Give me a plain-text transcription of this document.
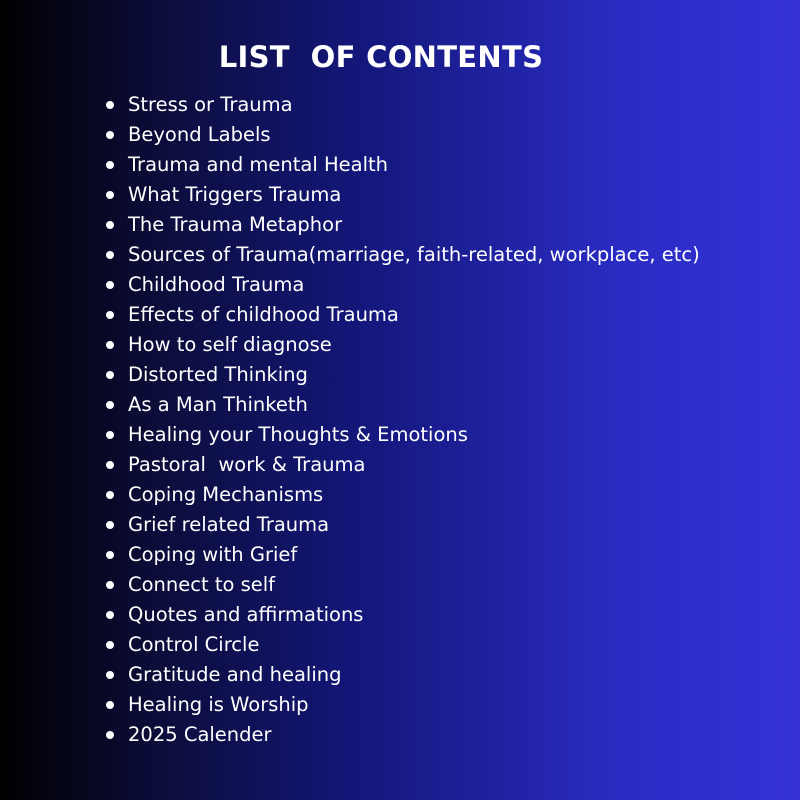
LIST  OF CONTENTS
Stress or Trauma
Beyond Labels
Trauma and mental Health
What Triggers Trauma
The Trauma Metaphor
Sources of Trauma(marriage, faith-related, workplace, etc)
Childhood Trauma
Effects of childhood Trauma
How to self diagnose
Distorted Thinking
As a Man Thinketh
Healing your Thoughts & Emotions
Pastoral  work & Trauma
Coping Mechanisms
Grief related Trauma
Coping with Grief
Connect to self
Quotes and affirmations
Control Circle
Gratitude and healing
Healing is Worship
2025 Calender
